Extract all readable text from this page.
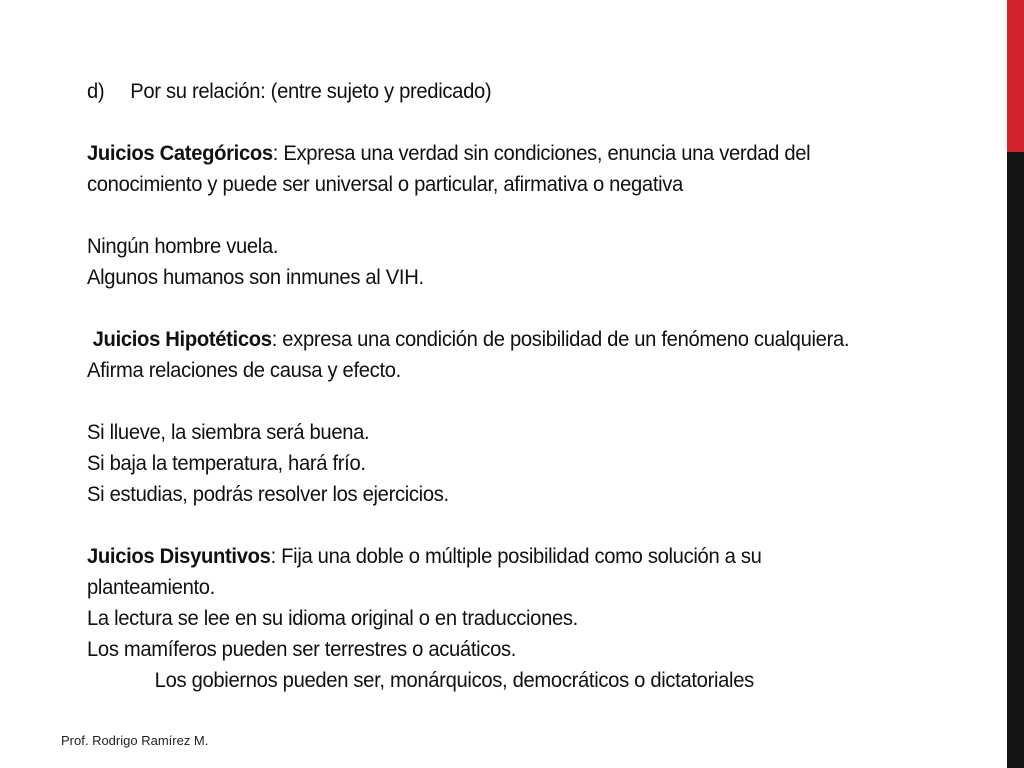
d) Por su relación: (entre sujeto y predicado)

Juicios Categóricos: Expresa una verdad sin condiciones, enuncia una verdad del

conocimiento y puede ser universal o particular, afirmativa o negativa

Ningún hombre vuela.

Algunos humanos son inmunes al VIH.

Juicios Hipotéticos: expresa una condición de posibilidad de un fenómeno cualquiera.

Afirma relaciones de causa y efecto.

Si llueve, la siembra será buena.

Si baja la temperatura, hará frío.

Si estudias, podrás resolver los ejercicios.

Juicios Disyuntivos: Fija una doble o múltiple posibilidad como solución a su

planteamiento.

La lectura se lee en su idioma original o en traducciones.

Los mamíferos pueden ser terrestres o acuáticos.

Los gobiernos pueden ser, monárquicos, democráticos o dictatoriales

Prof. Rodrigo Ramírez M.
